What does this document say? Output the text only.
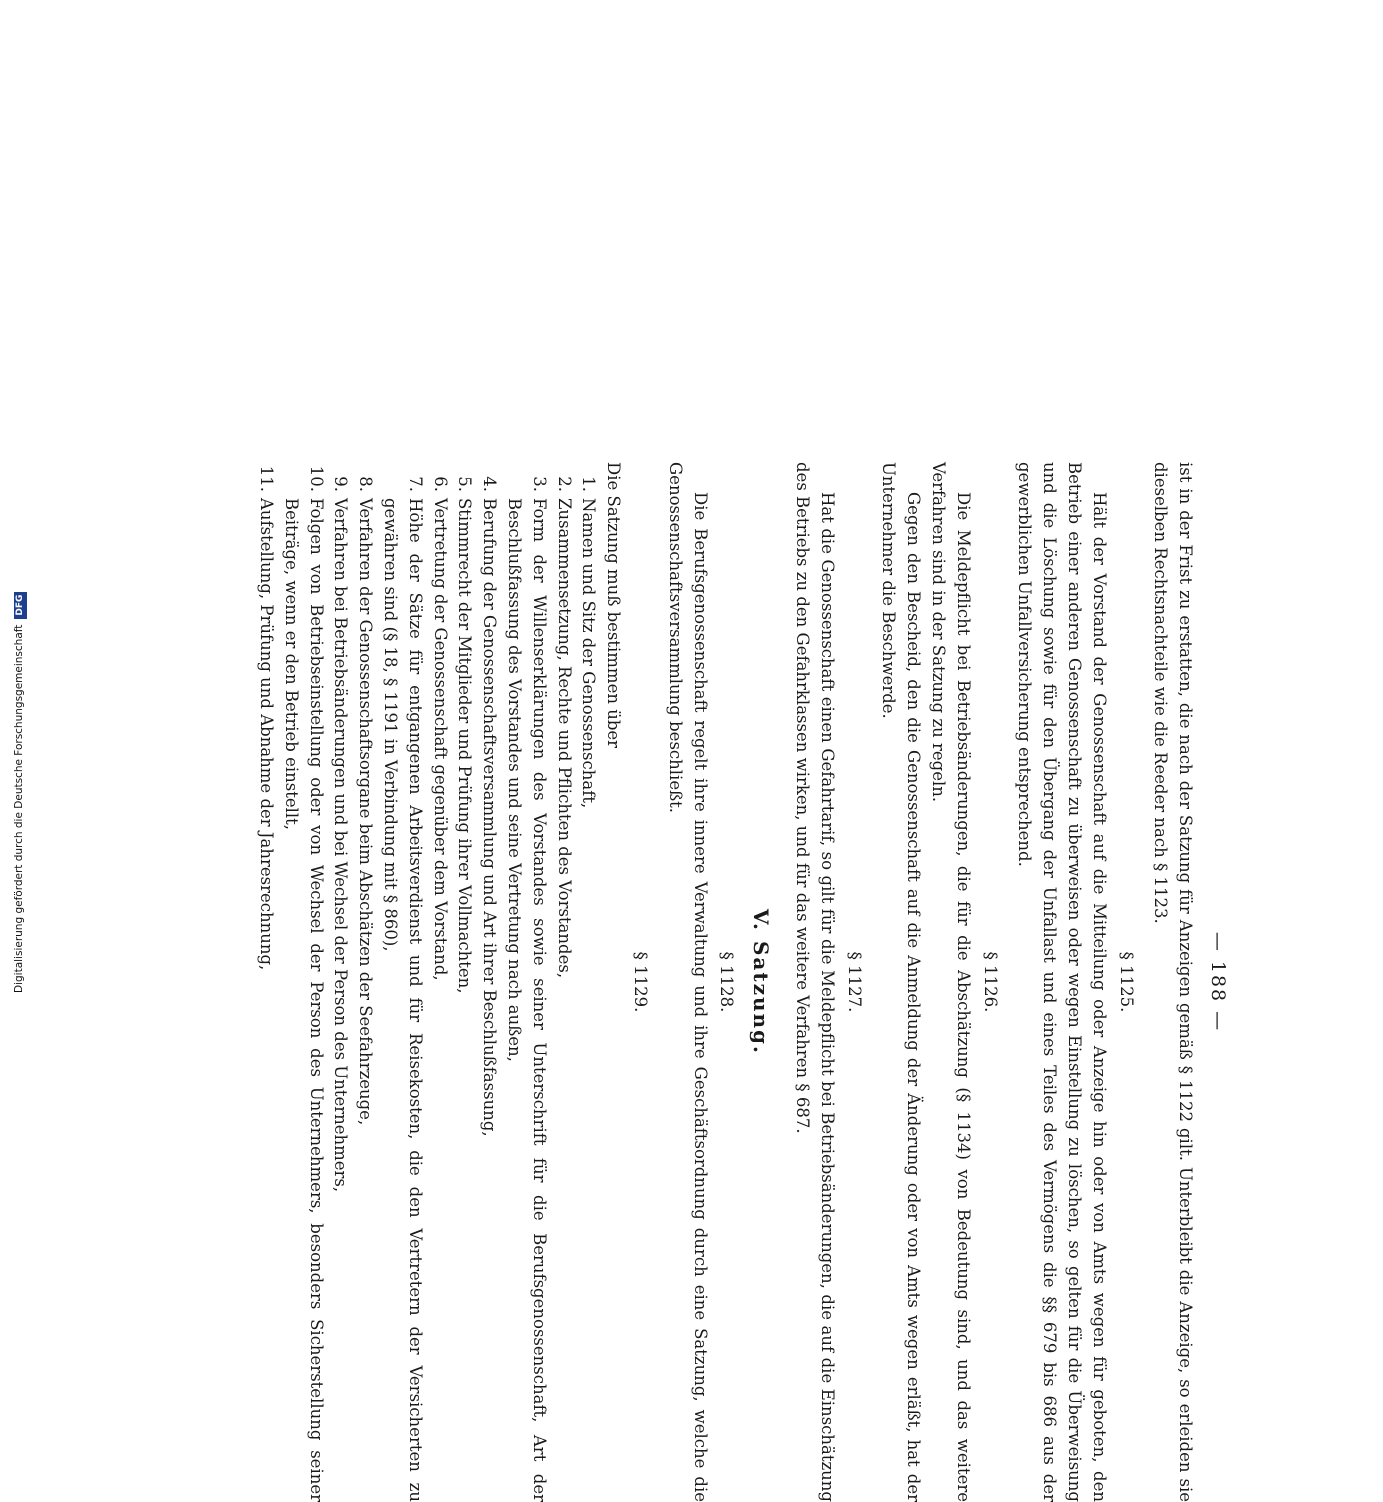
— 188 —

ist in der Frist zu erstatten, die nach der Satzung für Anzeigen gemäß § 1122 gilt. Unterbleibt die Anzeige, so erleiden sie dieselben Rechtsnachteile wie die Reeder nach § 1123.

§ 1125.

Hält der Vorstand der Genossenschaft auf die Mitteilung oder Anzeige hin oder von Amts wegen für geboten, den Betrieb einer anderen Genossenschaft zu überweisen oder wegen Einstellung zu löschen, so gelten für die Überweisung und die Löschung sowie für den Übergang der Unfallast und eines Teiles des Vermögens die §§ 679 bis 686 aus der gewerblichen Unfallversicherung entsprechend.

§ 1126.

Die Meldepflicht bei Betriebsänderungen, die für die Abschätzung (§ 1134) von Bedeutung sind, und das weitere Verfahren sind in der Satzung zu regeln.

Gegen den Bescheid, den die Genossenschaft auf die Anmeldung der Änderung oder von Amts wegen erläßt, hat der Unternehmer die Beschwerde.

§ 1127.

Hat die Genossenschaft einen Gefahrtarif, so gilt für die Meldepflicht bei Betriebsänderungen, die auf die Einschätzung des Betriebs zu den Gefahrklassen wirken, und für das weitere Verfahren § 687.

V. Satzung.
§ 1128.

Die Berufsgenossenschaft regelt ihre innere Verwaltung und ihre Geschäftsordnung durch eine Satzung, welche die Genossenschaftsversammlung beschließt.

§ 1129.

Die Satzung muß bestimmen über

1.
Namen und Sitz der Genossenschaft,
2.
Zusammensetzung, Rechte und Pflichten des Vorstandes,
3.
Form der Willenserklärungen des Vorstandes sowie seiner Unterschrift für die Berufsgenossenschaft, Art der Beschlußfassung des Vorstandes und seine Vertretung nach außen,
4.
Berufung der Genossenschaftsversammlung und Art ihrer Beschlußfassung,
5.
Stimmrecht der Mitglieder und Prüfung ihrer Vollmachten,
6.
Vertretung der Genossenschaft gegenüber dem Vorstand,
7.
Höhe der Sätze für entgangenen Arbeitsverdienst und für Reisekosten, die den Vertretern der Versicherten zu gewähren sind (§ 18, § 1191 in Verbindung mit § 860),
8.
Verfahren der Genossenschaftsorgane beim Abschätzen der Seefahrzeuge,
9.
Verfahren bei Betriebsänderungen und bei Wechsel der Person des Unternehmers,
10.
Folgen von Betriebseinstellung oder von Wechsel der Person des Unternehmers, besonders Sicherstellung seiner Beiträge, wenn er den Betrieb einstellt,
11.
Aufstellung, Prüfung und Abnahme der Jahresrechnung,
Digitalisierung gefördert durch die Deutsche ForschungsgemeinschaftDFG
